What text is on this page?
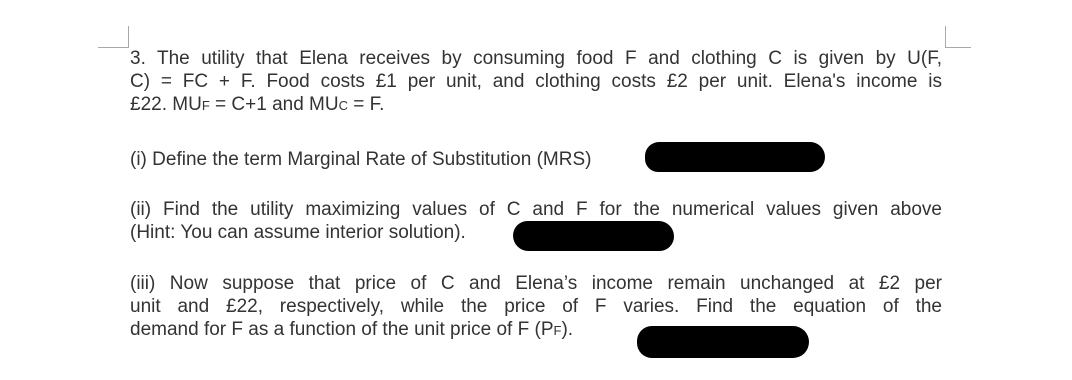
3. The utility that Elena receives by consuming food F and clothing C is given by U(F,
C) = FC + F. Food costs £1 per unit, and clothing costs £2 per unit. Elena's income is
£22. MUF = C+1 and MUC = F.

(i) Define the term Marginal Rate of Substitution (MRS)

(ii) Find the utility maximizing values of C and F for the numerical values given above
(Hint: You can assume interior solution).

(iii) Now suppose that price of C and Elena’s income remain unchanged at £2 per
unit and £22, respectively, while the price of F varies. Find the equation of the
demand for F as a function of the unit price of F (PF).
